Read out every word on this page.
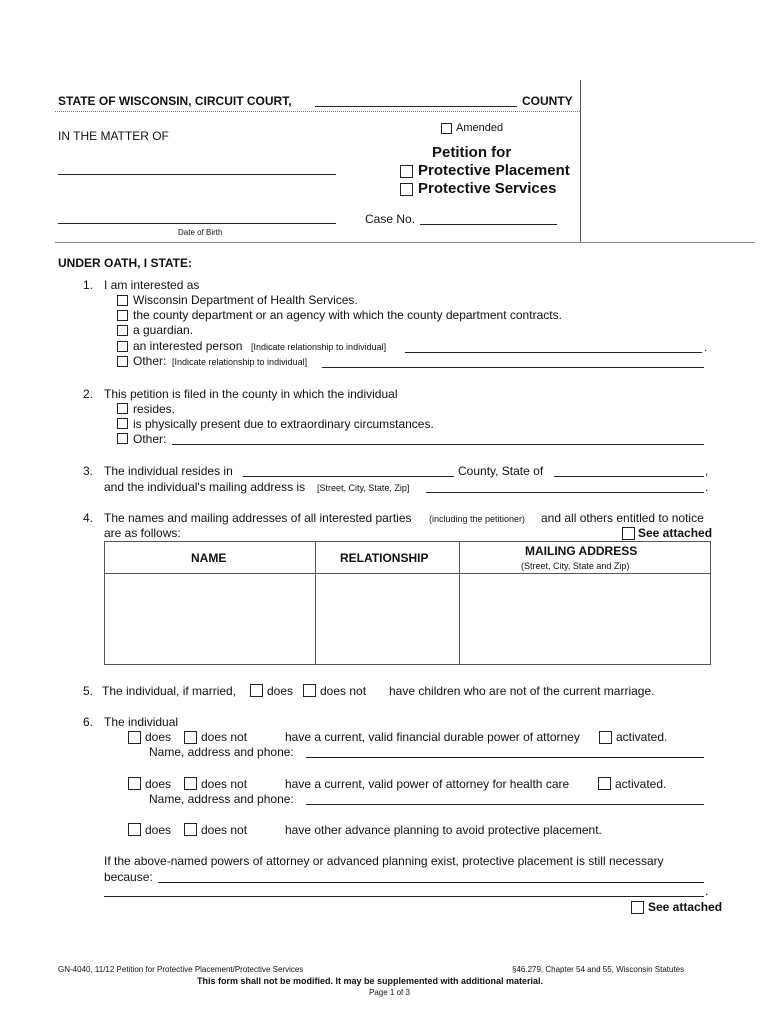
STATE OF WISCONSIN, CIRCUIT COURT,	COUNTY
IN THE MATTER OF
Date of Birth
Amended
Petition for
Protective Placement
Protective Services
Case No.
UNDER OATH, I STATE:
1. I am interested as
Wisconsin Department of Health Services.
the county department or an agency with which the county department contracts.
a guardian.
an interested person [Indicate relationship to individual]	.
Other: [Indicate relationship to individual]
2. This petition is filed in the county in which the individual
resides.
is physically present due to extraordinary circumstances.
Other:
3. The individual resides in	County, State of	,
and the individual's mailing address is [Street, City, State, Zip]	.
4. The names and mailing addresses of all interested parties (including the petitioner) and all others entitled to notice
are as follows:	See attached
NAME	RELATIONSHIP	MAILING ADDRESS
(Street, City, State and Zip)
5. The individual, if married,	does does not have children who are not of the current marriage.
6. The individual
does does not	have a current, valid financial durable power of attorney	activated.
Name, address and phone:
does does not	have a current, valid power of attorney for health care	activated.
Name, address and phone:
does does not	have other advance planning to avoid protective placement.
If the above-named powers of attorney or advanced planning exist, protective placement is still necessary
because:
.
See attached
GN-4040, 11/12 Petition for Protective Placement/Protective Services	§46.279, Chapter 54 and 55, Wisconsin Statutes
This form shall not be modified. It may be supplemented with additional material.
Page 1 of 3
